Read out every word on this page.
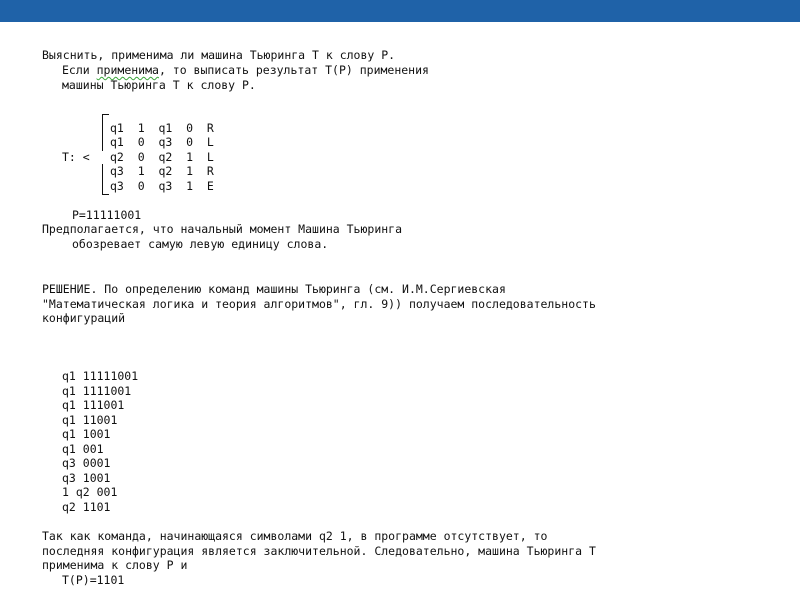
Выяснить, применима ли машина Тьюринга T к слову P.
Если применима, то выписать результат T(P) применения
машины Тьюринга T к слову P.
T: <
q1  1  q1  0  R
q1  0  q3  0  L
q2  0  q2  1  L
q3  1  q2  1  R
q3  0  q3  1  E
P=11111001
Предполагается, что начальный момент Машина Тьюринга
обозревает самую левую единицу слова.
РЕШЕНИЕ. По определению команд машины Тьюринга (см. И.М.Сергиевская
"Математическая логика и теория алгоритмов", гл. 9)) получаем последовательность
конфигураций
q1 11111001
q1 1111001
q1 111001
q1 11001
q1 1001
q1 001
q3 0001
q3 1001
1 q2 001
q2 1101
Так как команда, начинающаяся символами q2 1, в программе отсутствует, то
последняя конфигурация является заключительной. Следовательно, машина Тьюринга T
применима к слову P и
T(P)=1101
